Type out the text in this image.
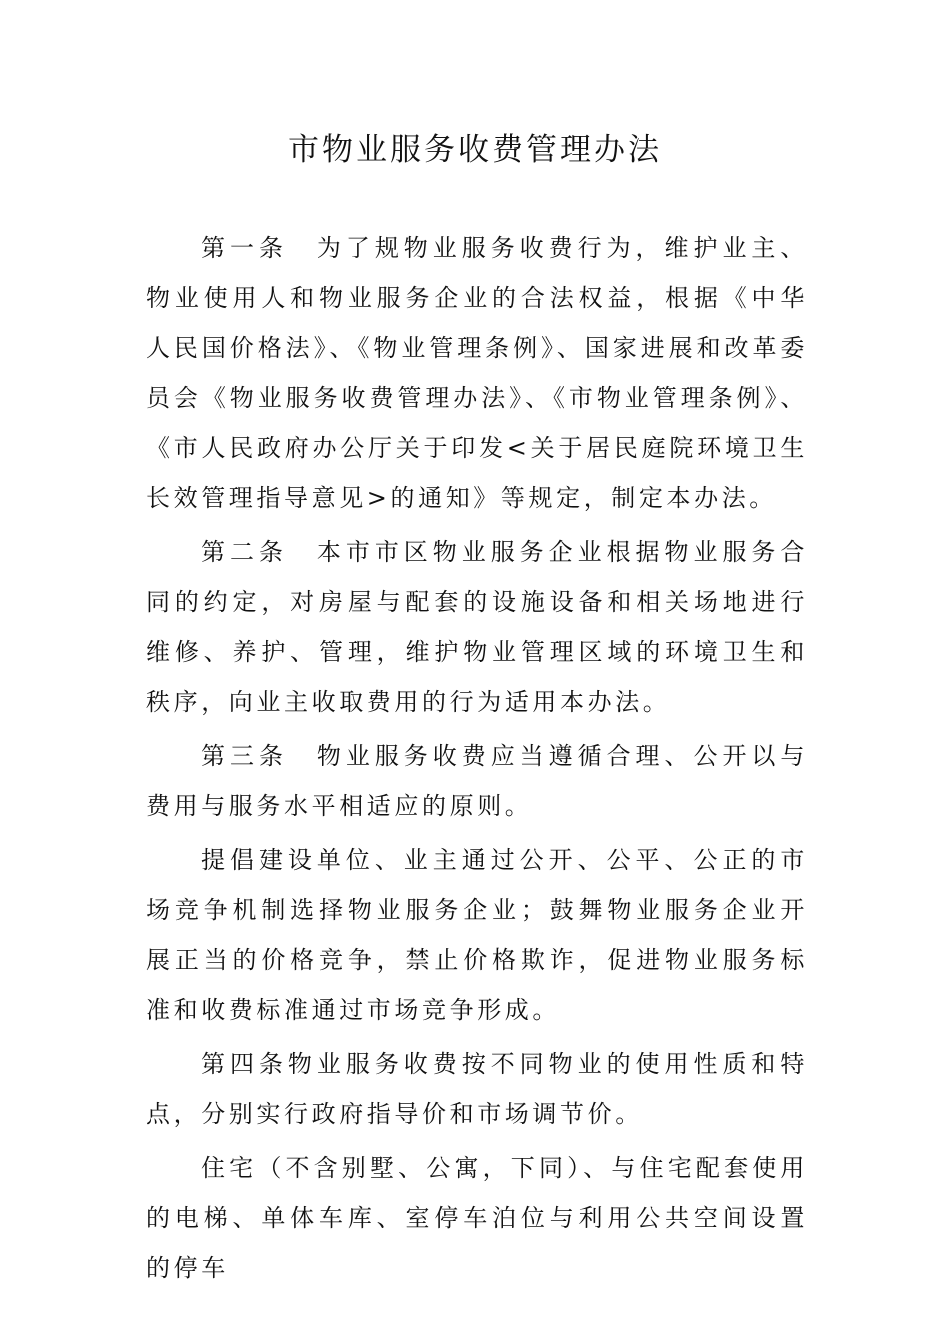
市物业服务收费管理办法

第一条　为了规物业服务收费行为，维护业主、物业使用人和物业服务企业的合法权益，根据《中华人民国价格法》、《物业管理条例》、国家进展和改革委员会《物业服务收费管理办法》、《市物业管理条例》、《市人民政府办公厅关于印发<关于居民庭院环境卫生长效管理指导意见>的通知》等规定，制定本办法。

第二条　本市市区物业服务企业根据物业服务合同的约定，对房屋与配套的设施设备和相关场地进行维修、养护、管理，维护物业管理区域的环境卫生和秩序，向业主收取费用的行为适用本办法。

第三条　物业服务收费应当遵循合理、公开以与费用与服务水平相适应的原则。

提倡建设单位、业主通过公开、公平、公正的市场竞争机制选择物业服务企业；鼓舞物业服务企业开展正当的价格竞争，禁止价格欺诈，促进物业服务标准和收费标准通过市场竞争形成。

第四条物业服务收费按不同物业的使用性质和特点，分别实行政府指导价和市场调节价。

住宅（不含别墅、公寓，下同）、与住宅配套使用的电梯、单体车库、室停车泊位与利用公共空间设置的停车
